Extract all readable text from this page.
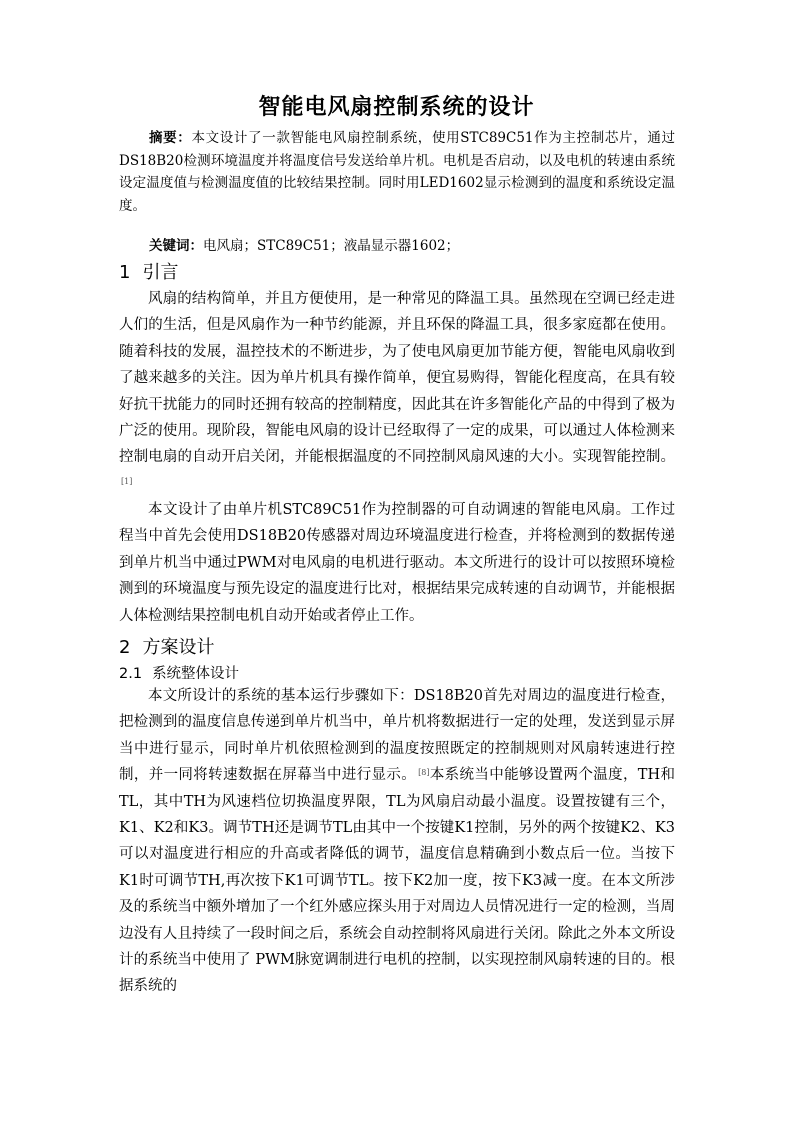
智能电风扇控制系统的设计
摘要：本文设计了一款智能电风扇控制系统，使用STC89C51作为主控制芯片，通过DS18B20检测环境温度并将温度信号发送给单片机。电机是否启动，以及电机的转速由系统设定温度值与检测温度值的比较结果控制。同时用LED1602显示检测到的温度和系统设定温度。
关键词：电风扇；STC89C51；液晶显示器1602；
1 引言
风扇的结构简单，并且方便使用，是一种常见的降温工具。虽然现在空调已经走进人们的生活，但是风扇作为一种节约能源，并且环保的降温工具，很多家庭都在使用。随着科技的发展，温控技术的不断进步，为了使电风扇更加节能方便，智能电风扇收到了越来越多的关注。因为单片机具有操作简单，便宜易购得，智能化程度高，在具有较好抗干扰能力的同时还拥有较高的控制精度，因此其在许多智能化产品的中得到了极为广泛的使用。现阶段，智能电风扇的设计已经取得了一定的成果，可以通过人体检测来控制电扇的自动开启关闭，并能根据温度的不同控制风扇风速的大小。实现智能控制。[1]
本文设计了由单片机STC89C51作为控制器的可自动调速的智能电风扇。工作过程当中首先会使用DS18B20传感器对周边环境温度进行检查，并将检测到的数据传递到单片机当中通过PWM对电风扇的电机进行驱动。本文所进行的设计可以按照环境检测到的环境温度与预先设定的温度进行比对，根据结果完成转速的自动调节，并能根据人体检测结果控制电机自动开始或者停止工作。
2 方案设计
2.1 系统整体设计
本文所设计的系统的基本运行步骤如下：DS18B20首先对周边的温度进行检查，把检测到的温度信息传递到单片机当中，单片机将数据进行一定的处理，发送到显示屏当中进行显示，同时单片机依照检测到的温度按照既定的控制规则对风扇转速进行控制，并一同将转速数据在屏幕当中进行显示。 [8]本系统当中能够设置两个温度，TH和TL，其中TH为风速档位切换温度界限，TL为风扇启动最小温度。设置按键有三个，K1、K2和K3。调节TH还是调节TL由其中一个按键K1控制，另外的两个按键K2、K3可以对温度进行相应的升高或者降低的调节，温度信息精确到小数点后一位。当按下K1时可调节TH,再次按下K1可调节TL。按下K2加一度，按下K3减一度。在本文所涉及的系统当中额外增加了一个红外感应探头用于对周边人员情况进行一定的检测，当周边没有人且持续了一段时间之后，系统会自动控制将风扇进行关闭。除此之外本文所设计的系统当中使用了 PWM脉宽调制进行电机的控制，以实现控制风扇转速的目的。根据系统的
